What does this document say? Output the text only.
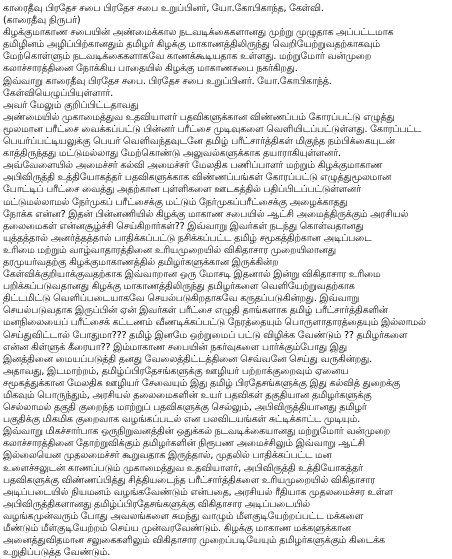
காரைதீவு பிரதேச சபை பிரதேச சபை உறுப்பினர், யோ.கோபிகாந்த, கேள்வி.
(காரைதீவு நிருபர்)
கிழக்குமாகாண சபையின் அண்மைக்கால நடவடிக்கைகளானது முற்று முழுதாக அப்பட்டமாக
தமிழினம் அழிப்பிற்கானதும் தமிழர் கிழக்கு மாகாணத்திலிருந்து வெறியேற்றுவதற்காகவும்
மேற்கொள்ளும் நடவடிக்கைகளாகவே காணக்கூடியதாக உள்ளது. மற்றுமோர் வன்முறை
கலாச்சாரத்தினை நோக்கிய பாதையில் கிழக்கு மாகாணசபை நகர்கிறது.
இவ்வாறு காரைதீவு பிரதேச சபை. பிரதேச சபை உறுப்பினர். யோ.கோபிகாந்த்.
கேள்வியெழுப்பியுள்ளார்.
அவர் மேலும் குறிப்பிட்டதாவது
அண்மையில் முகாமைத்துவ உதவியாளர் பதவிகளுக்கான விண்ணப்பம் கோரப்பட்டு எழுத்து
மூலமான பரீட்சை வைக்கப்பட்டு பின்னர் பரீட்சை முடிவுகளை வெளியிடப்பட்டுள்ளது. கோரப்பட்ட
பெயர்ப்பட்டியலுக்கு பெயர் வெளிவந்தவுடனே தமிழ் பரீட்சார்த்திகள் மிகுந்த நம்பிக்கையுடன்
காத்திருந்தது மட்டுமல்லாது மேற்கொண்டு அலுவல்களுக்காக தயாராகியுள்ளனர்.
அவ்வேளையில் அமைச்சர் கல்வி அமைச்சர் மேலதிக பணிப்பாளர் மற்றும் கிழக்குமாகாண
அபிவிருத்தி உத்தியோகத்தர் பதவிகளுக்காக விண்ணப்பங்கள் கோரப்பட்டு எழுத்துமூலமான
போட்டிப் பரீட்சை வைத்து அதற்கான புள்ளிகளை ஊடகத்தில் பதிப்பிடப்பட்டுள்ளனர்
மட்டுமல்லாமல் நேர்முகப் பரீட்சைக்கு மட்டும் நேர்முகப்பரீட்சைக்கு அழைக்காதது
நோக்க என்ன? இதன் பின்னணியில் கிழக்கு மாகாண சபையில் ஆட்சி அமைத்திருக்கும் அரசியல்
தலைமைகள் என்னசூழ்ச்சி செய்கிறார்கள்?? இவ்வாறு இவர்கள் நடந்து கொள்வதானது
யுத்தத்தால் அனர்த்தத்தால் பாதிக்கப்பட்டு நசிக்கப்பட்ட தமிழ் சமூகத்திற்கான அடிப்படை
உரிமை மற்றும் வாழ்வாதாரத்தினை உரியமுறையில் விகிதாசார முறையிலானது
தரமுயர்வதற்கு கிழக்குமாகாணத்தில் தமிழர்களுக்கான இருக்கின்ற
கேள்விக்குறியாக்குவதற்காக இவ்வாறான ஒரு மோசடி இதனால் இன்று விகிதாசார உரிமை
பறிக்கப்படுவதானது கிழக்கு மாகாணத்திலிருந்து தமிழர்களை வெளியேற்றுவதற்காக
திட்டமிட்டு வெளிப்படையாகவே செயல்படுகிறதாகவே கருதப்படுகின்றது. இவ்வாறு
செயல்படுவதாக இருப்பின் ஏன் இவர்கள் பரீட்சை எழுதி தாங்களாக தமிழ் பரீட்சார்த்திகளின்
மனநிலையைப் பரீட்சைக் கட்டணம் வீணடிக்கப்பட்டு நேரத்தையும் பொருளாதாரத்தையும் இல்லாமல்
செய்துவிட்டால் போதுமா??? தமிழ் இனமே ஒற்றுமைப் பட்டு விழிக்க வேண்டும் ?? தமிழர்களை
என்ன கிள்ளுக் கீரையா?? இம்மாகாண சபையின் நகர்வுகளை பார்க்கும்போது இது
இனத்தினை மையப்படுத்தி தனது வேலைத்திட்டத்தினை செவ்வனே செய்து வருகின்றது.
அதாவது, இடமாற்றம், தமிழ்ப்பிரதேசங்களுக்கு ஊழியர் பற்றாக்குறைவும் ஏனைய
சமூகத்துக்கான மேலதிக ஊழியர் சேவையும் இது தமிழ் பிரதேசங்களுக்கு இது கல்வித் துறைக்கு
மிகவும் பொருந்தும், அரசியல் தலைமைகளின் உயர் பதவிகள் தகுதியான தமிழர்களுக்கு
செல்லாமல் தகுதி குறைந்த மாற்றுப் பதவிகளுக்கு செல்லும், அபிவிருத்தியானது தமிழர்
பகுதிக்கு மிகமிக குறைவாக வழங்கப்படல் என பலவிடயங்கள் சுட்டிக்காட்ட முடியும்.
இவ்வாறு மிகச்சார்பாக ஒருநிறுவனத்தின் ஒதுக்கல் நடவடிக்கையானது மற்றுமோர் வன்முறை
கலாச்சாரத்தினை தோற்றுவிக்கும் தமிழர்களின் நிரூபண அமைச்சிலும் இவ்வாறு ஆட்சி
இல்லையென முதலமைச்சர் கூறுவதாக இருந்தால், முதலில் பாதிக்கப்பட்ட மன
உளைச்சலுடன் காணப்படும் முகாமைத்துவ உதவியாளர், அபிவிருத்தி உத்தியோகத்தர்
பதவிகளுக்கு விண்ணப்பித்து சித்தியடைந்த பரீட்சார்த்திகளை உரியமுறையில் விகிதாசார
அடிப்படையில் நியமனம் வழங்கவேண்டும் என்பதை, அரசியல் ரீதியாக முதலமைச்சர உள்ள
அபிவிருத்திகளானது தமிழ்ப்பிரதேசங்களுக்கு விகிதாசார அடிப்படையில்
வழங்கமுன்வரும் போது அவலங்களை சுமந்து வாழும் மீளகுடியேற்றப்பட்ட மக்களை
மீண்டும் மீள்குடியேற்றம் செய்ய முன்வரவேண்டும். கிழக்கு மாகாண மக்களுக்கான
அனைத்துவிதமான சலுகைகளிலும் விகிதாசார முறைப்படியேயும் தமிழர்களுக்கும் கிடைக்க
உறுதிப்படுத்த வேண்டும்.
